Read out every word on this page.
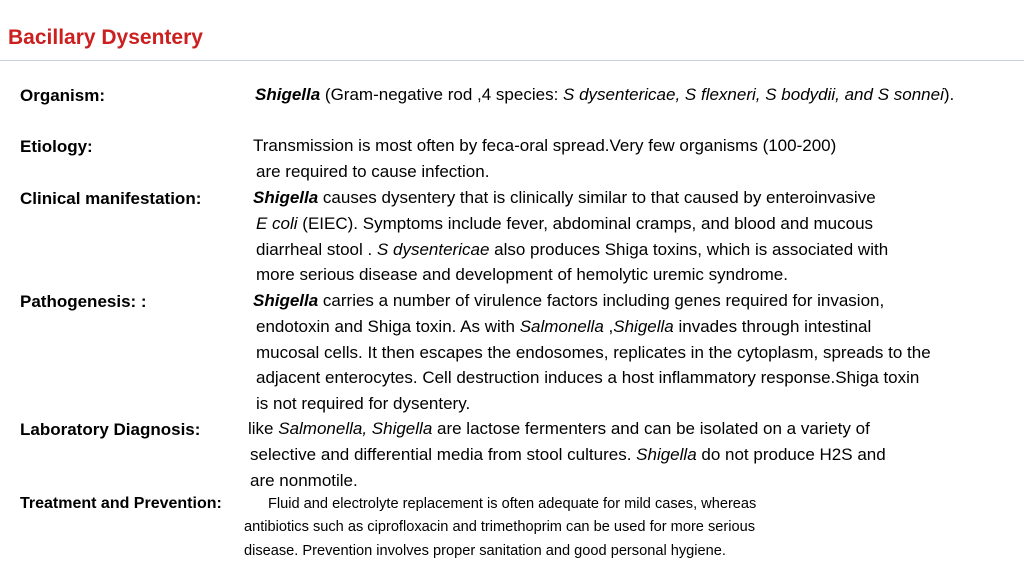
Bacillary Dysentery
Organism:	Shigella (Gram-negative rod ,4 species: S dysentericae, S flexneri, S bodydii, and S sonnei).
Etiology:	Transmission is most often by feca-oral spread.Very few organisms (100-200)
are required to cause infection.
Clinical manifestation:	Shigella causes dysentery that is clinically similar to that caused by enteroinvasive
E coli (EIEC). Symptoms include fever, abdominal cramps, and blood and mucous
diarrheal stool . S dysentericae also produces Shiga toxins, which is associated with
more serious disease and development of hemolytic uremic syndrome.
Pathogenesis: :	Shigella carries a number of virulence factors including genes required for invasion,
endotoxin and Shiga toxin. As with Salmonella ,Shigella invades through intestinal
mucosal cells. It then escapes the endosomes, replicates in the cytoplasm, spreads to the
adjacent enterocytes. Cell destruction induces a host inflammatory response.Shiga toxin
is not required for dysentery.
Laboratory Diagnosis:	like Salmonella, Shigella are lactose fermenters and can be isolated on a variety of
selective and differential media from stool cultures. Shigella do not produce H2S and
are nonmotile.
Treatment and Prevention:	Fluid and electrolyte replacement is often adequate for mild cases, whereas
antibiotics such as ciprofloxacin and trimethoprim can be used for more serious
disease. Prevention involves proper sanitation and good personal hygiene.
